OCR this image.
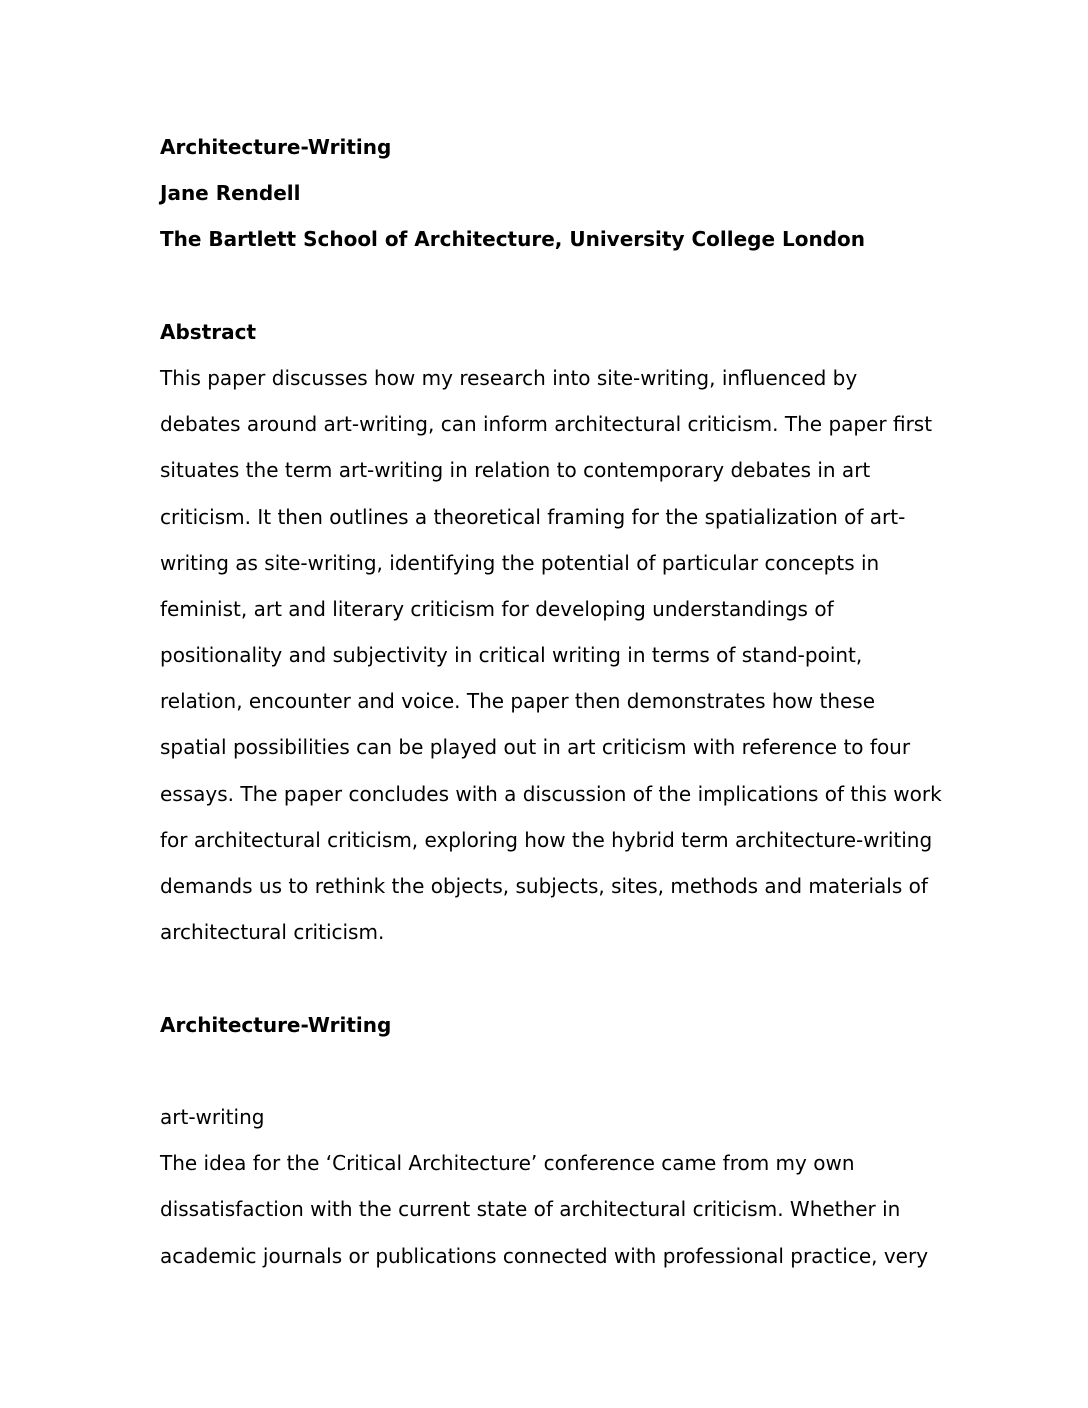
Architecture-Writing
Jane Rendell
The Bartlett School of Architecture, University College London
Abstract
This paper discusses how my research into site-writing, influenced by
debates around art-writing, can inform architectural criticism. The paper first
situates the term art-writing in relation to contemporary debates in art
criticism. It then outlines a theoretical framing for the spatialization of art-
writing as site-writing, identifying the potential of particular concepts in
feminist, art and literary criticism for developing understandings of
positionality and subjectivity in critical writing in terms of stand-point,
relation, encounter and voice. The paper then demonstrates how these
spatial possibilities can be played out in art criticism with reference to four
essays. The paper concludes with a discussion of the implications of this work
for architectural criticism, exploring how the hybrid term architecture-writing
demands us to rethink the objects, subjects, sites, methods and materials of
architectural criticism.
Architecture-Writing
art-writing
The idea for the ‘Critical Architecture’ conference came from my own
dissatisfaction with the current state of architectural criticism. Whether in
academic journals or publications connected with professional practice, very
